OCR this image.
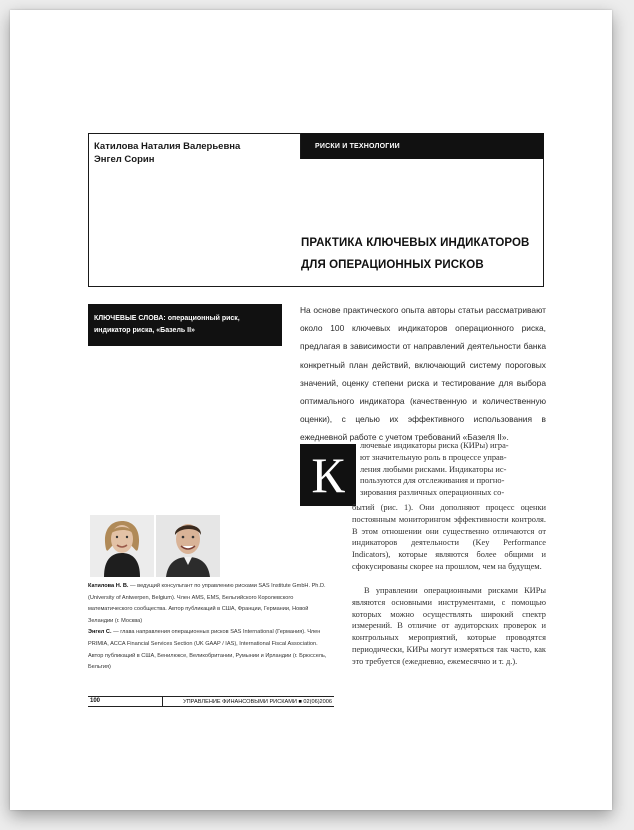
Катилова Наталия Валерьевна
Энгел Сорин
РИСКИ И ТЕХНОЛОГИИ
ПРАКТИКА КЛЮЧЕВЫХ ИНДИКАТОРОВ
ДЛЯ ОПЕРАЦИОННЫХ РИСКОВ
КЛЮЧЕВЫЕ СЛОВА: операционный риск, индикатор риска, «Базель II»
На основе практического опыта авторы статьи рассматривают около 100 ключевых индикаторов операционного риска, предлагая в зависимости от направлений деятельности банка конкретный план действий, включающий систему пороговых значений, оценку степени риска и тестирование для выбора оптимального индикатора (качественную и количественную оценки), с целью их эффективного использования в ежедневной работе с учетом требований «Базеля II».
К

лючевые индикаторы риска (КИРы) игра-

ют значительную роль в процессе управ-

ления любыми рисками. Индикаторы ис-

пользуются для отслеживания и прогно-

зирования различных операционных со-

бытий (рис. 1). Они дополняют процесс оценки постоянным мониторингом эффективности контроля. В этом отношении они существенно отличаются от индикаторов деятельности (Key Performance Indicators), которые являются более общими и сфокусированы скорее на прошлом, чем на будущем.
В управлении операционными рисками КИРы являются основными инструментами, с помощью которых можно осуществлять широкий спектр измерений. В отличие от аудиторских проверок и контрольных мероприятий, которые проводятся периодически, КИРы могут измеряться так часто, как это требуется (ежедневно, ежемесячно и т. д.).
Катилова Н. В. — ведущий консультант по управлению рисками SAS Institute GmbH. Ph.D. (University of Antwerpen, Belgium). Член AMS, EMS, Бельгийского Королевского математического сообщества. Автор публикаций в США, Франции, Германии, Новой Зеландии (г. Москва)
Энгел С. — глава направления операционных рисков SAS International (Германия). Член PRIMIA, ACCA Financial Services Section (UK GAAP / IAS), International Fiscal Association. Автор публикаций в США, Бенилюксе, Великобритании, Румынии и Ирландии (г. Брюссель, Бельгия)
100	УПРАВЛЕНИЕ ФИНАНСОВЫМИ РИСКАМИ ■ 02(06)2006
